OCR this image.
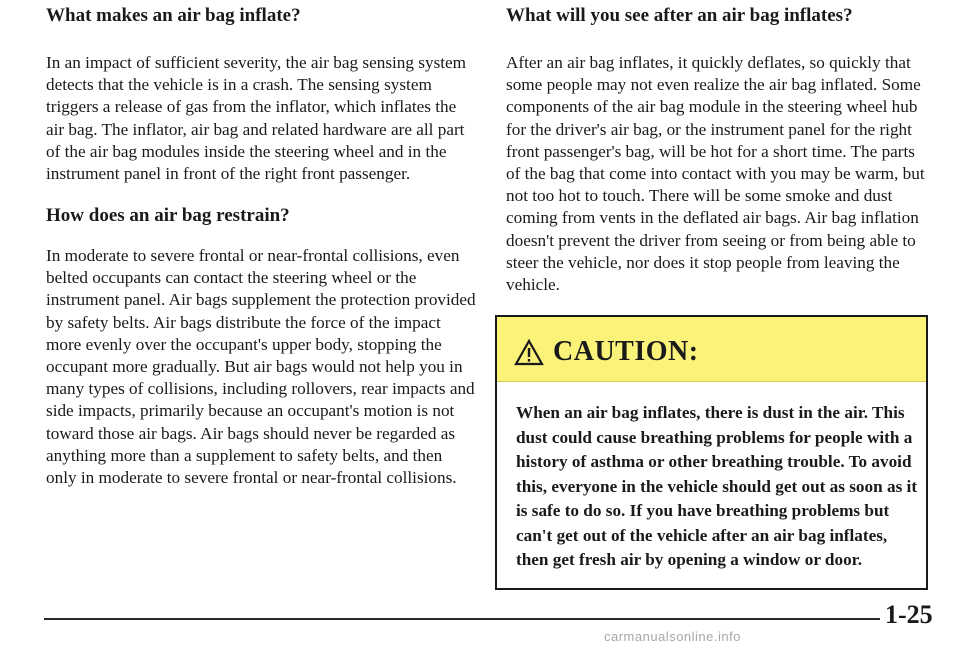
What makes an air bag inflate?

In an impact of sufficient severity, the air bag sensing system detects that the vehicle is in a crash. The sensing system triggers a release of gas from the inflator, which inflates the air bag. The inflator, air bag and related hardware are all part of the air bag modules inside the steering wheel and in the instrument panel in front of the right front passenger.

How does an air bag restrain?

In moderate to severe frontal or near-frontal collisions, even belted occupants can contact the steering wheel or the instrument panel. Air bags supplement the protection provided by safety belts. Air bags distribute the force of the impact more evenly over the occupant's upper body, stopping the occupant more gradually. But air bags would not help you in many types of collisions, including rollovers, rear impacts and side impacts, primarily because an occupant's motion is not toward those air bags. Air bags should never be regarded as anything more than a supplement to safety belts, and then only in moderate to severe frontal or near-frontal collisions.

What will you see after an air bag inflates?

After an air bag inflates, it quickly deflates, so quickly that some people may not even realize the air bag inflated. Some components of the air bag module in the steering wheel hub for the driver's air bag, or the instrument panel for the right front passenger's bag, will be hot for a short time. The parts of the bag that come into contact with you may be warm, but not too hot to touch. There will be some smoke and dust coming from vents in the deflated air bags. Air bag inflation doesn't prevent the driver from seeing or from being able to steer the vehicle, nor does it stop people from leaving the vehicle.

CAUTION:
When an air bag inflates, there is dust in the air. This dust could cause breathing problems for people with a history of asthma or other breathing trouble. To avoid this, everyone in the vehicle should get out as soon as it is safe to do so. If you have breathing problems but can't get out of the vehicle after an air bag inflates, then get fresh air by opening a window or door.
1-25
carmanualsonline.info
